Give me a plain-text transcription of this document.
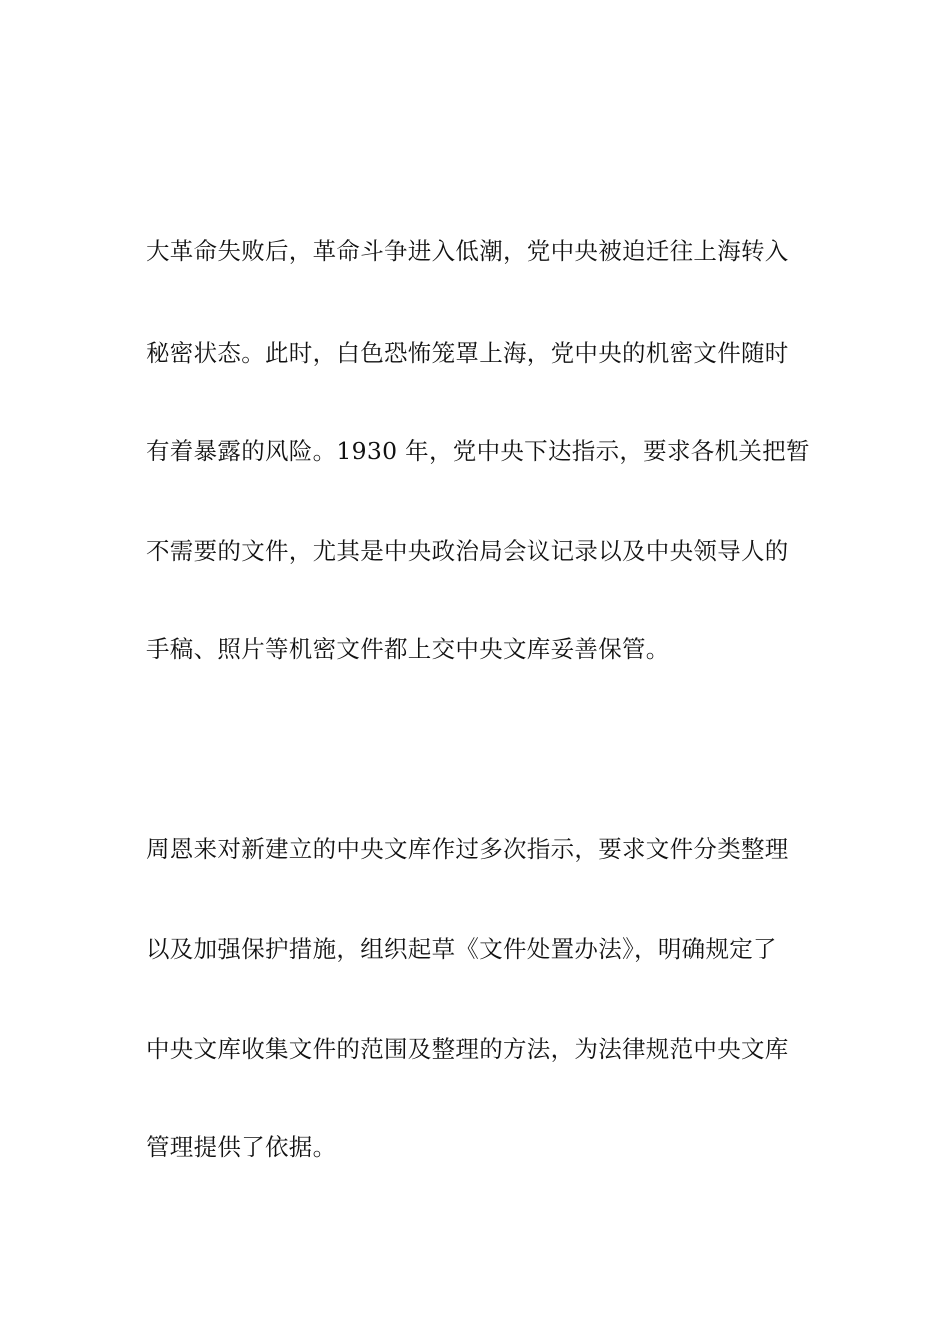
大革命失败后，革命斗争进入低潮，党中央被迫迁往上海转入
秘密状态。此时，白色恐怖笼罩上海，党中央的机密文件随时
有着暴露的风险。1930 年，党中央下达指示，要求各机关把暂
不需要的文件，尤其是中央政治局会议记录以及中央领导人的
手稿、照片等机密文件都上交中央文库妥善保管。
周恩来对新建立的中央文库作过多次指示，要求文件分类整理
以及加强保护措施，组织起草《文件处置办法》，明确规定了
中央文库收集文件的范围及整理的方法，为法律规范中央文库
管理提供了依据。
